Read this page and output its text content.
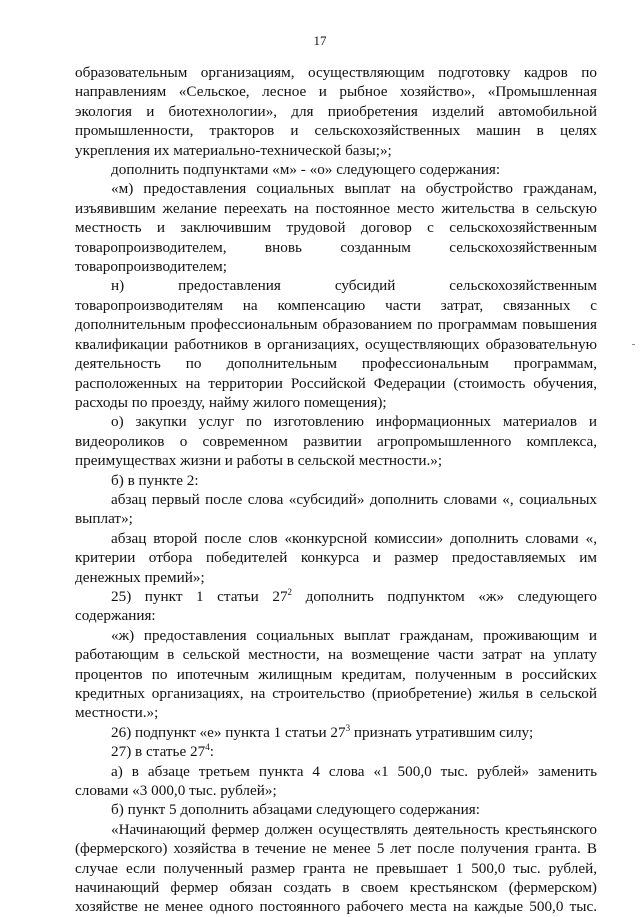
17

образовательным организациям, осуществляющим подготовку кадров по направлениям «Сельское, лесное и рыбное хозяйство», «Промышленная экология и биотехнологии», для приобретения изделий автомобильной промышленности, тракторов и сельскохозяйственных машин в целях укрепления их материально-технической базы;»;

дополнить подпунктами «м» - «о» следующего содержания:

«м) предоставления социальных выплат на обустройство гражданам, изъявившим желание переехать на постоянное место жительства в сельскую местность и заключившим трудовой договор с сельскохозяйственным товаропроизводителем, вновь созданным сельскохозяйственным товаропроизводителем;

н) предоставления субсидий сельскохозяйственным товаропроизводителям на компенсацию части затрат, связанных с дополнительным профессиональным образованием по программам повышения квалификации работников в организациях, осуществляющих образовательную деятельность по дополнительным профессиональным программам, расположенных на территории Российской Федерации (стоимость обучения, расходы по проезду, найму жилого помещения);

о) закупки услуг по изготовлению информационных материалов и видеороликов о современном развитии агропромышленного комплекса, преимуществах жизни и работы в сельской местности.»;

б) в пункте 2:

абзац первый после слова «субсидий» дополнить словами «, социальных выплат»;

абзац второй после слов «конкурсной комиссии» дополнить словами «, критерии отбора победителей конкурса и размер предоставляемых им денежных премий»;

25) пункт 1 статьи $27^2$ дополнить подпунктом «ж» следующего содержания:

«ж) предоставления социальных выплат гражданам, проживающим и работающим в сельской местности, на возмещение части затрат на уплату процентов по ипотечным жилищным кредитам, полученным в российских кредитных организациях, на строительство (приобретение) жилья в сельской местности.»;

26) подпункт «е» пункта 1 статьи $27^3$ признать утратившим силу;

27) в статье $27^4$:

а) в абзаце третьем пункта 4 слова «1 500,0 тыс. рублей» заменить словами «3 000,0 тыс. рублей»;

б) пункт 5 дополнить абзацами следующего содержания:

«Начинающий фермер должен осуществлять деятельность крестьянского (фермерского) хозяйства в течение не менее 5 лет после получения гранта. В случае если полученный размер гранта не превышает 1 500,0 тыс. рублей, начинающий фермер обязан создать в своем крестьянском (фермерском) хозяйстве не менее одного постоянного рабочего места на каждые 500,0 тыс.
